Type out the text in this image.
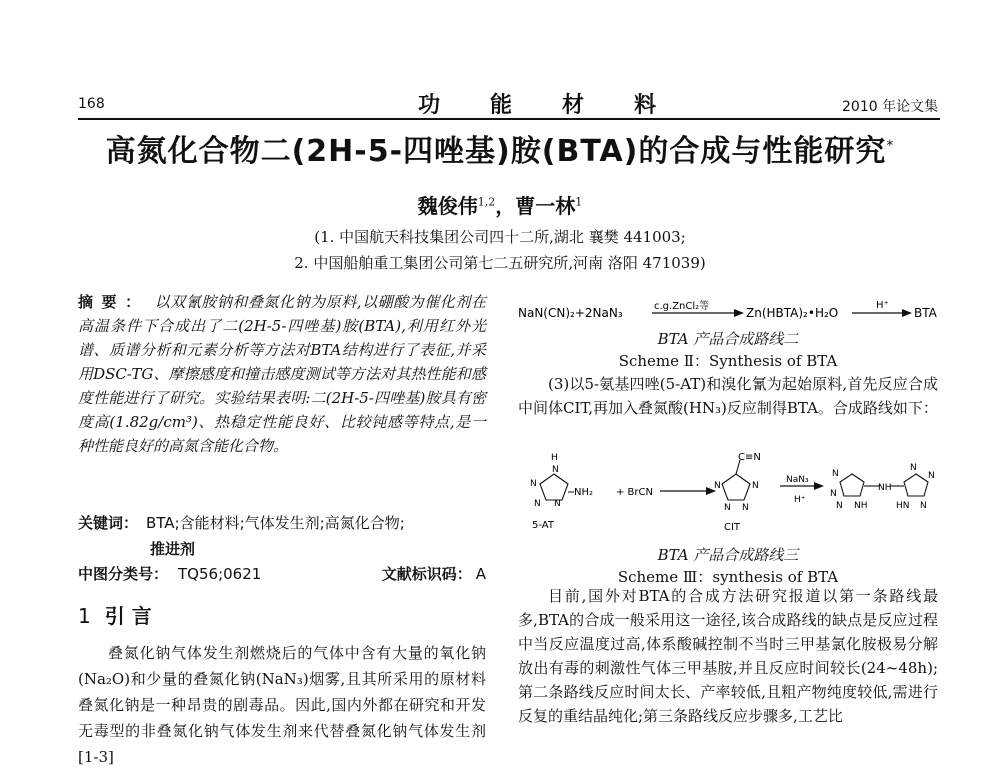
168	功能材料	2010 年论文集
高氮化合物二(2H-5-四唑基)胺(BTA)的合成与性能研究*
魏俊伟$^{1,2}$，曹一林$^1$
(1. 中国航天科技集团公司四十二所,湖北 襄樊 441003;
2. 中国船舶重工集团公司第七二五研究所,河南 洛阳 471039)
摘要： 以双氰胺钠和叠氮化钠为原料,以硼酸为催化剂在高温条件下合成出了二(2H-5-四唑基)胺(BTA),利用红外光谱、质谱分析和元素分析等方法对BTA结构进行了表征,并采用DSC-TG、摩擦感度和撞击感度测试等方法对其热性能和感度性能进行了研究。实验结果表明:二(2H-5-四唑基)胺具有密度高(1.82g/cm³)、热稳定性能良好、比较钝感等特点,是一种性能良好的高氮含能化合物。
关键词： BTA;含能材料;气体发生剂;高氮化合物;
推进剂
中图分类号： TQ56;0621	文献标识码： A
1 引 言
叠氮化钠气体发生剂燃烧后的气体中含有大量的氧化钠(Na₂O)和少量的叠氮化钠(NaN₃)烟雾,且其所采用的原材料叠氮化钠是一种昂贵的剧毒品。因此,国内外都在研究和开发无毒型的非叠氮化钠气体发生剂来代替叠氮化钠气体发生剂[1-3]
NaN(CN)₂+2NaN₃	c.g.ZnCl₂等	Zn(HBTA)₂•H₂O
H⁺
BTA
BTA 产品合成路线二
Scheme Ⅱ：Synthesis of BTA
(3)以5-氨基四唑(5-AT)和溴化氰为起始原料,首先反应合成中间体CIT,再加入叠氮酸(HN₃)反应制得BTA。合成路线如下：
H
N
N
N N
NH₂
5-AT
+ BrCN
C≡N
N	N
N N
CIT
NaN₃
H⁺
N
N
N NH
NH
N
N
HN N
BTA 产品合成路线三
Scheme Ⅲ：synthesis of BTA
目前,国外对BTA的合成方法研究报道以第一条路线最多,BTA的合成一般采用这一途径,该合成路线的缺点是反应过程中当反应温度过高,体系酸碱控制不当时三甲基氯化胺极易分解放出有毒的刺激性气体三甲基胺,并且反应时间较长(24~48h);第二条路线反应时间太长、产率较低,且粗产物纯度较低,需进行反复的重结晶纯化;第三条路线反应步骤多,工艺比
